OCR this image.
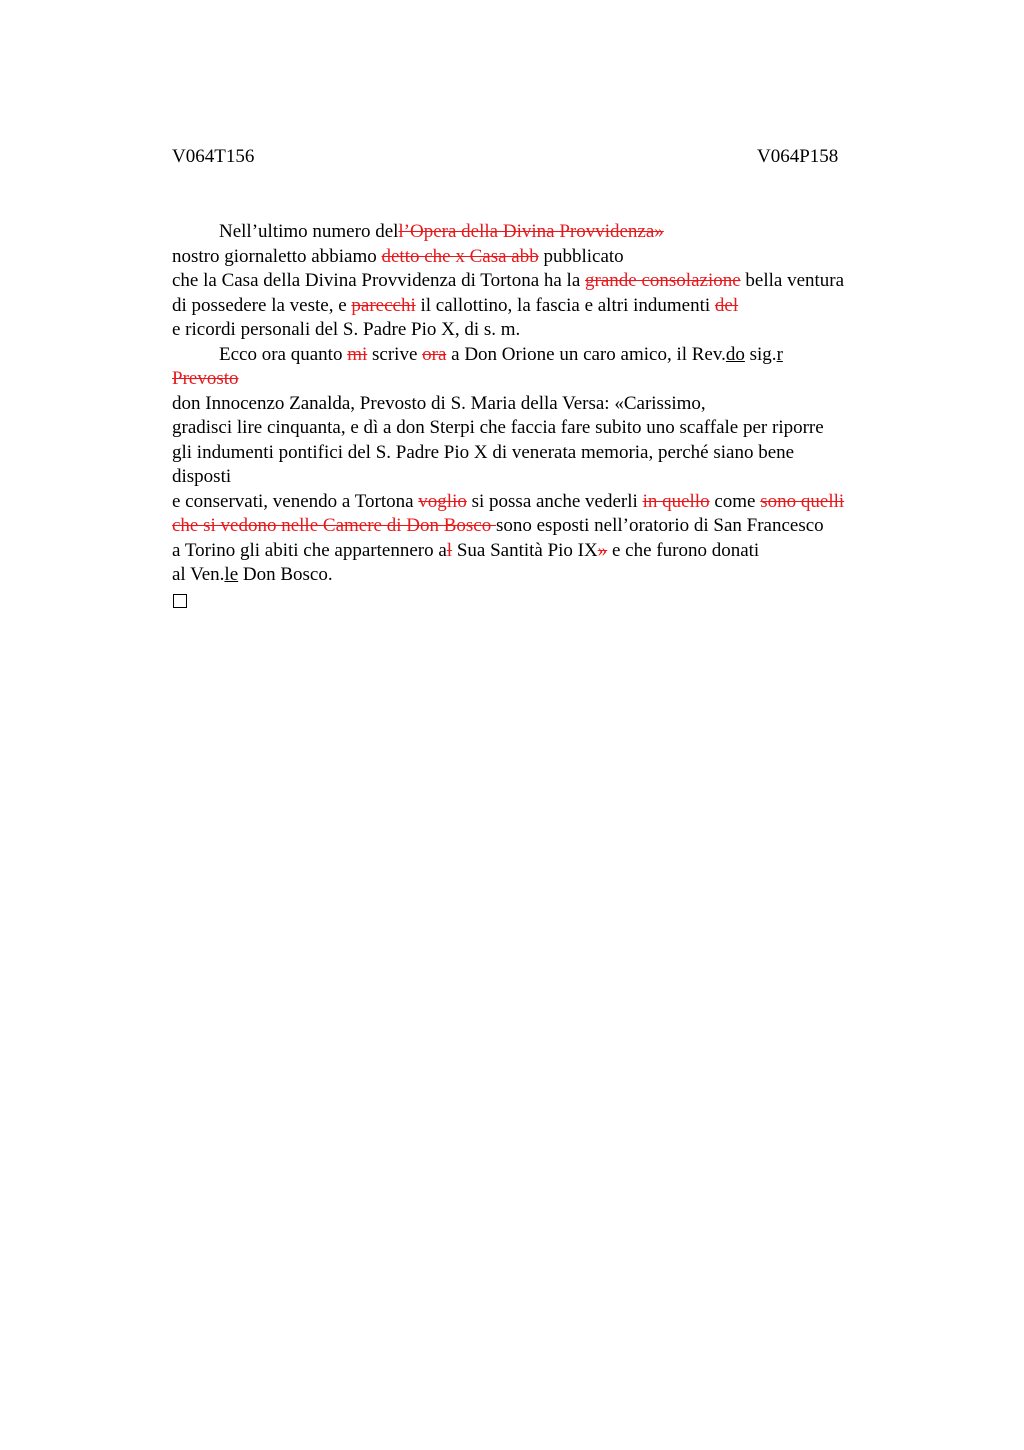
V064T156	V064P158
Nell’ultimo numero dell’Opera della Divina Provvidenza»
nostro giornaletto abbiamo detto che x Casa abb pubblicato
che la Casa della Divina Provvidenza di Tortona ha la grande consolazione bella ventura
di possedere la veste, e parecchi il callottino, la fascia e altri indumenti del
e ricordi personali del S. Padre Pio X, di s. m.
Ecco ora quanto mi scrive ora a Don Orione un caro amico, il Rev.do sig.r
Prevosto
don Innocenzo Zanalda, Prevosto di S. Maria della Versa: «Carissimo,
gradisci lire cinquanta, e dì a don Sterpi che faccia fare subito uno scaffale per riporre
gli indumenti pontifici del S. Padre Pio X di venerata memoria, perché siano bene
disposti
e conservati, venendo a Tortona voglio si possa anche vederli in quello come sono quelli
che si vedono nelle Camere di Don Bosco sono esposti nell’oratorio di San Francesco
a Torino gli abiti che appartennero al Sua Santità Pio IX» e che furono donati
al Ven.le Don Bosco.
